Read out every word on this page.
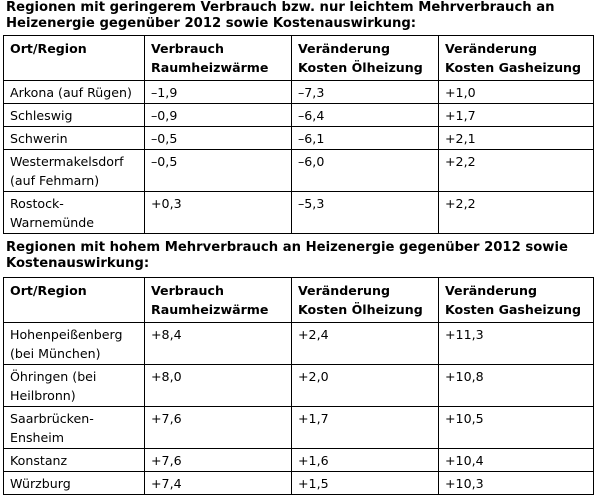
Regionen mit geringerem Verbrauch bzw. nur leichtem Mehrverbrauch an Heizenergie gegenüber 2012 sowie Kostenauswirkung:

Ort/Region	Verbrauch Raumheizwärme	Veränderung Kosten Ölheizung	Veränderung Kosten Gasheizung
Arkona (auf Rügen)	–1,9	–7,3	+1,0
Schleswig	–0,9	–6,4	+1,7
Schwerin	–0,5	–6,1	+2,1
Westermakelsdorf (auf Fehmarn)	–0,5	–6,0	+2,2
Rostock-Warnemünde	+0,3	–5,3	+2,2

Regionen mit hohem Mehrverbrauch an Heizenergie gegenüber 2012 sowie Kostenauswirkung:

Ort/Region	Verbrauch Raumheizwärme	Veränderung Kosten Ölheizung	Veränderung Kosten Gasheizung
Hohenpeißenberg (bei München)	+8,4	+2,4	+11,3
Öhringen (bei Heilbronn)	+8,0	+2,0	+10,8
Saarbrücken-Ensheim	+7,6	+1,7	+10,5
Konstanz	+7,6	+1,6	+10,4
Würzburg	+7,4	+1,5	+10,3
